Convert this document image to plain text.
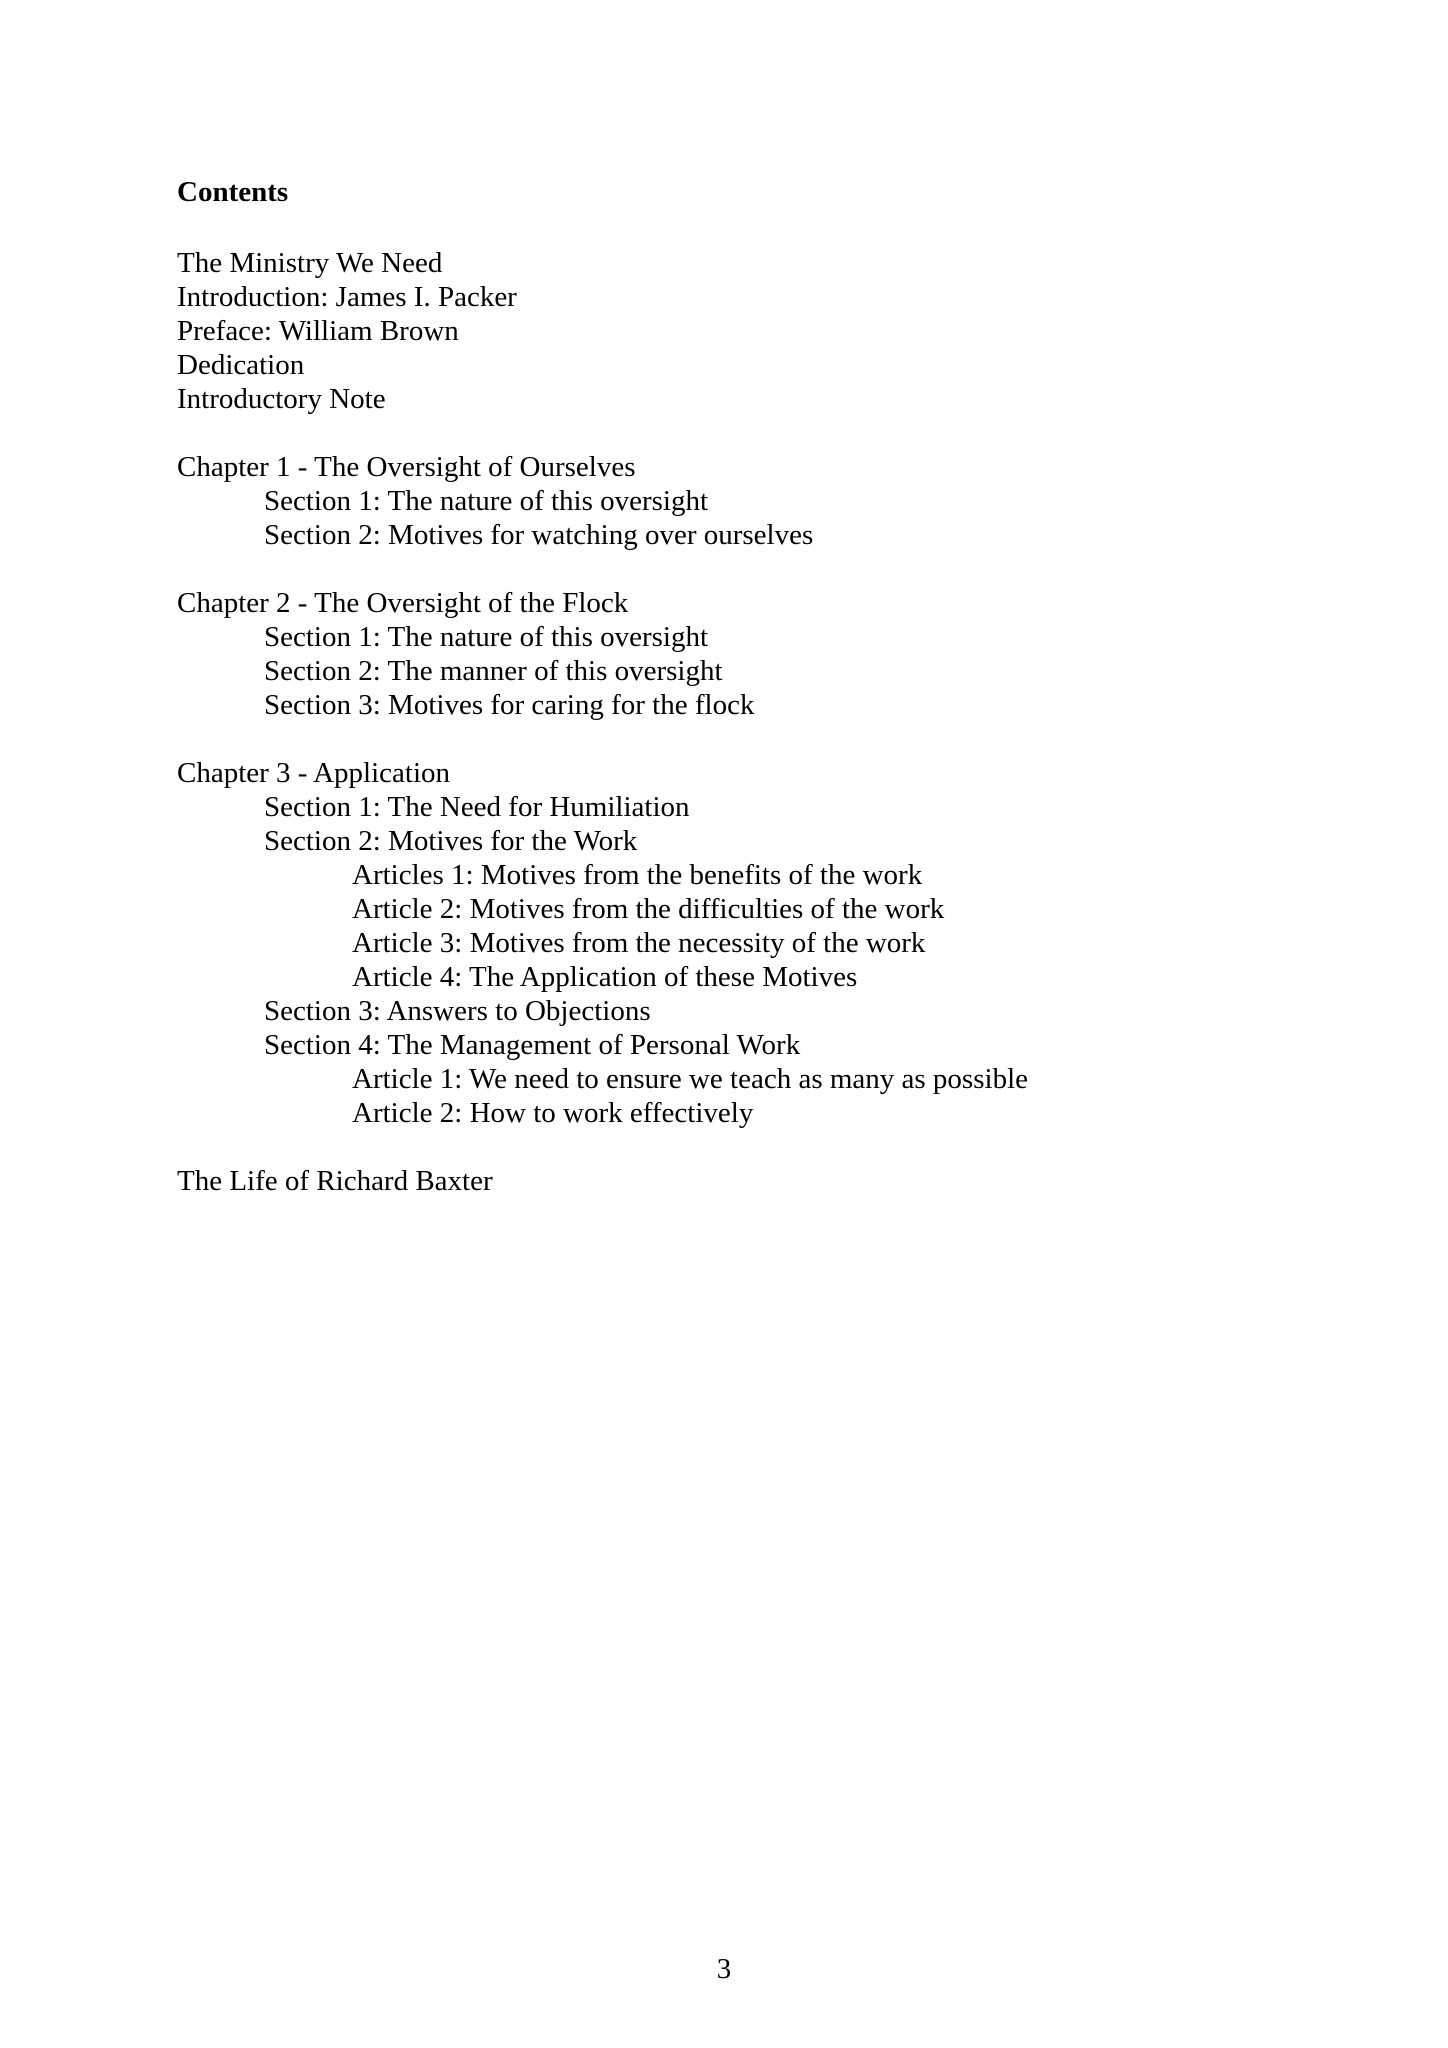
Contents
The Ministry We Need
Introduction: James I. Packer
Preface: William Brown
Dedication
Introductory Note
Chapter 1 - The Oversight of Ourselves
Section 1: The nature of this oversight
Section 2: Motives for watching over ourselves
Chapter 2 - The Oversight of the Flock
Section 1: The nature of this oversight
Section 2: The manner of this oversight
Section 3: Motives for caring for the flock
Chapter 3 - Application
Section 1: The Need for Humiliation
Section 2: Motives for the Work
Articles 1: Motives from the benefits of the work
Article 2: Motives from the difficulties of the work
Article 3: Motives from the necessity of the work
Article 4: The Application of these Motives
Section 3: Answers to Objections
Section 4: The Management of Personal Work
Article 1: We need to ensure we teach as many as possible
Article 2: How to work effectively
The Life of Richard Baxter
3
